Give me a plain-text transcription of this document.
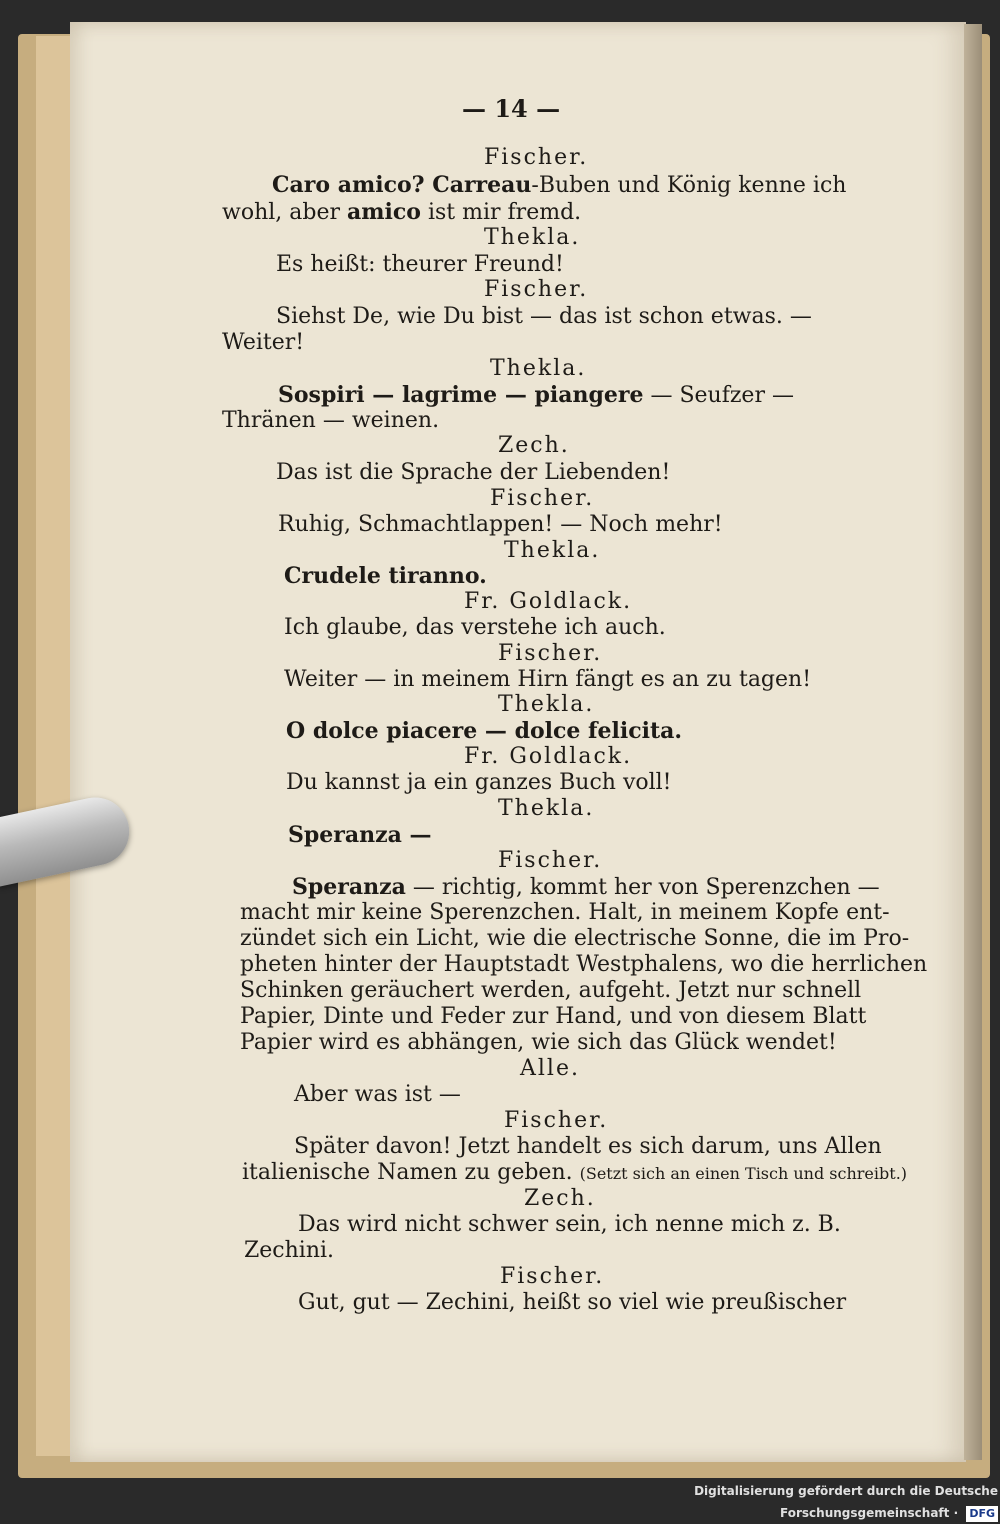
Digitalisierung gefördert durch die Deutsche Forschungsgemeinschaft · DFG
— 14 —
Fischer.
Caro amico? Carreau-Buben und König kenne ich
wohl, aber amico ist mir fremd.
Thekla.
Es heißt: theurer Freund!
Fischer.
Siehst De, wie Du bist — das ist schon etwas. —
Weiter!
Thekla.
Sospiri — lagrime — piangere — Seufzer —
Thränen — weinen.
Zech.
Das ist die Sprache der Liebenden!
Fischer.
Ruhig, Schmachtlappen! — Noch mehr!
Thekla.
Crudele tiranno.
Fr. Goldlack.
Ich glaube, das verstehe ich auch.
Fischer.
Weiter — in meinem Hirn fängt es an zu tagen!
Thekla.
O dolce piacere — dolce felicita.
Fr. Goldlack.
Du kannst ja ein ganzes Buch voll!
Thekla.
Speranza —
Fischer.
Speranza — richtig, kommt her von Sperenzchen —
macht mir keine Sperenzchen. Halt, in meinem Kopfe ent-
zündet sich ein Licht, wie die electrische Sonne, die im Pro-
pheten hinter der Hauptstadt Westphalens, wo die herrlichen
Schinken geräuchert werden, aufgeht. Jetzt nur schnell
Papier, Dinte und Feder zur Hand, und von diesem Blatt
Papier wird es abhängen, wie sich das Glück wendet!
Alle.
Aber was ist —
Fischer.
Später davon! Jetzt handelt es sich darum, uns Allen
italienische Namen zu geben. (Setzt sich an einen Tisch und schreibt.)
Zech.
Das wird nicht schwer sein, ich nenne mich z. B.
Zechini.
Fischer.
Gut, gut — Zechini, heißt so viel wie preußischer
